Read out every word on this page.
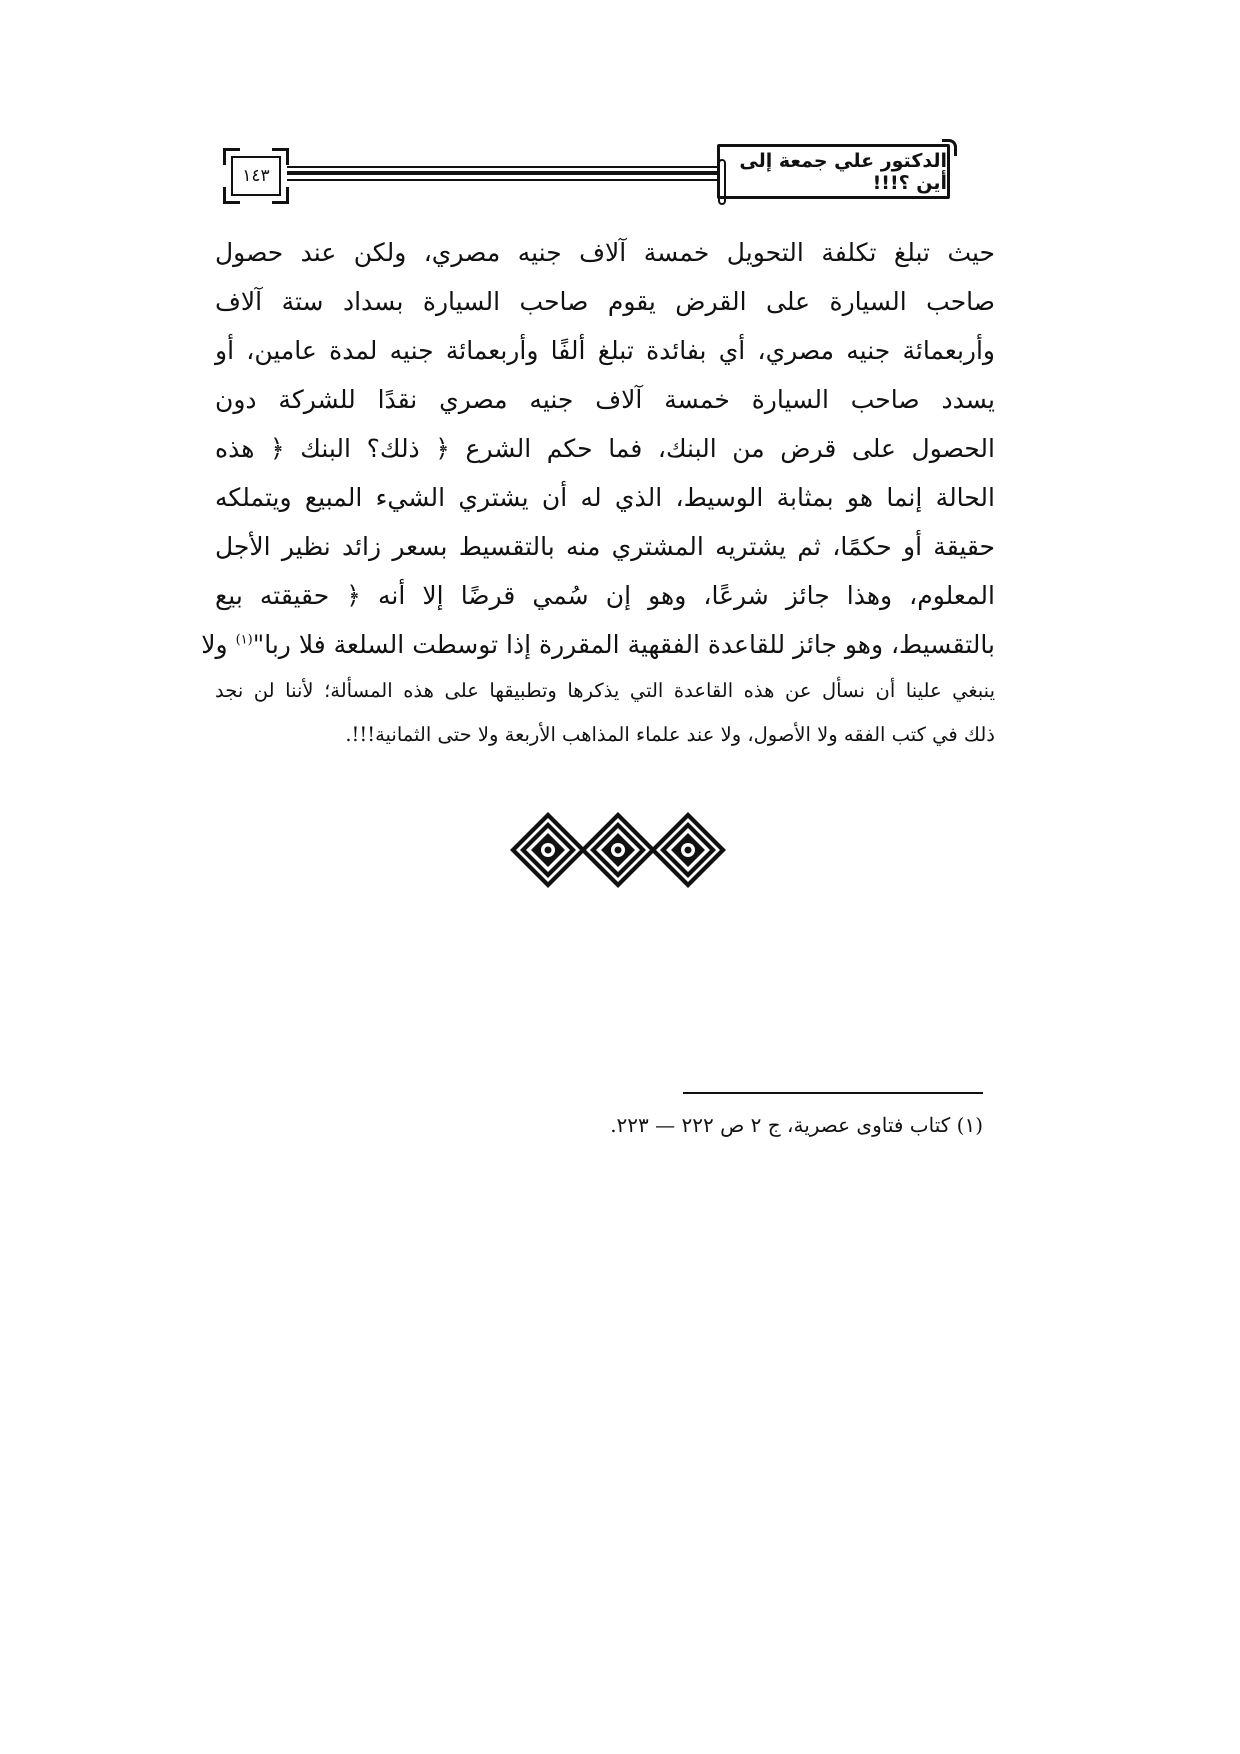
الدكتور علي جمعة إلى أين ؟!!!
١٤٣
حيث تبلغ تكلفة التحويل خمسة آلاف جنيه مصري، ولكن عند حصول
صاحب السيارة على القرض يقوم صاحب السيارة بسداد ستة آلاف
وأربعمائة جنيه مصري، أي بفائدة تبلغ ألفًا وأربعمائة جنيه لمدة عامين، أو
يسدد صاحب السيارة خمسة آلاف جنيه مصري نقدًا للشركة دون
الحصول على قرض من البنك، فما حكم الشرع ﴿ ذلك؟ البنك ﴿ هذه
الحالة إنما هو بمثابة الوسيط، الذي له أن يشتري الشيء المبيع ويتملكه
حقيقة أو حكمًا، ثم يشتريه المشتري منه بالتقسيط بسعر زائد نظير الأجل
المعلوم، وهذا جائز شرعًا، وهو إن سُمي قرضًا إلا أنه ﴿ حقيقته بيع
بالتقسيط، وهو جائز للقاعدة الفقهية المقررة إذا توسطت السلعة فلا ربا"$^{(١)}$ ولا
ينبغي علينا أن نسأل عن هذه القاعدة التي يذكرها وتطبيقها على هذه المسألة؛ لأننا لن نجد
ذلك في كتب الفقه ولا الأصول، ولا عند علماء المذاهب الأربعة ولا حتى الثمانية!!!.
(١) كتاب فتاوى عصرية، ج ٢ ص ٢٢٢ — ٢٢٣.
